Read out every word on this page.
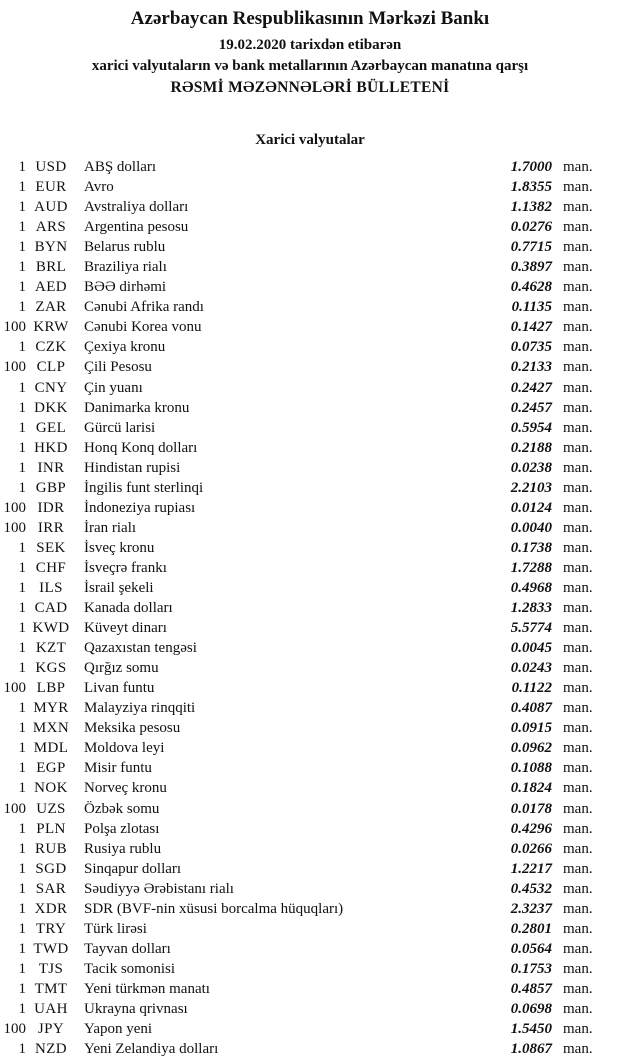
Azərbaycan Respublikasının Mərkəzi Bankı
19.02.2020 tarixdən etibarən
xarici valyutaların və bank metallarının Azərbaycan manatına qarşı
RƏSMİ MƏZƏNNƏLƏRİ BÜLLETENİ
Xarici valyutalar
1 USD	ABŞ dolları	1.7000 man.
1 EUR	Avro	1.8355 man.
1 AUD	Avstraliya dolları	1.1382 man.
1 ARS	Argentina pesosu	0.0276 man.
1 BYN	Belarus rublu	0.7715 man.
1 BRL	Braziliya rialı	0.3897 man.
1 AED	BƏƏ dirhəmi	0.4628 man.
1 ZAR	Cənubi Afrika randı	0.1135 man.
100 KRW	Cənubi Korea vonu	0.1427 man.
1 CZK	Çexiya kronu	0.0735 man.
100 CLP	Çili Pesosu	0.2133 man.
1 CNY	Çin yuanı	0.2427 man.
1 DKK	Danimarka kronu	0.2457 man.
1 GEL	Gürcü larisi	0.5954 man.
1 HKD	Honq Konq dolları	0.2188 man.
1 INR	Hindistan rupisi	0.0238 man.
1 GBP	İngilis funt sterlinqi	2.2103 man.
100 IDR	İndoneziya rupiası	0.0124 man.
100 IRR	İran rialı	0.0040 man.
1 SEK	İsveç kronu	0.1738 man.
1 CHF	İsveçrə frankı	1.7288 man.
1 ILS	İsrail şekeli	0.4968 man.
1 CAD	Kanada dolları	1.2833 man.
1 KWD Küveyt dinarı	5.5774 man.
1 KZT	Qazaxıstan tengəsi	0.0045 man.
1 KGS	Qırğız somu	0.0243 man.
100 LBP	Livan funtu	0.1122 man.
1 MYR	Malayziya rinqqiti	0.4087 man.
1 MXN Meksika pesosu	0.0915 man.
1 MDL	Moldova leyi	0.0962 man.
1 EGP	Misir funtu	0.1088 man.
1 NOK	Norveç kronu	0.1824 man.
100 UZS	Özbək somu	0.0178 man.
1 PLN	Polşa zlotası	0.4296 man.
1 RUB	Rusiya rublu	0.0266 man.
1 SGD	Sinqapur dolları	1.2217 man.
1 SAR	Səudiyyə Ərəbistanı rialı	0.4532 man.
1 XDR	SDR (BVF-nin xüsusi borcalma hüquqları)	2.3237 man.
1 TRY	Türk lirəsi	0.2801 man.
1 TWD	Tayvan dolları	0.0564 man.
1 TJS	Tacik somonisi	0.1753 man.
1 TMT	Yeni türkmən manatı	0.4857 man.
1 UAH	Ukrayna qrivnası	0.0698 man.
100 JPY	Yapon yeni	1.5450 man.
1 NZD	Yeni Zelandiya dolları	1.0867 man.
